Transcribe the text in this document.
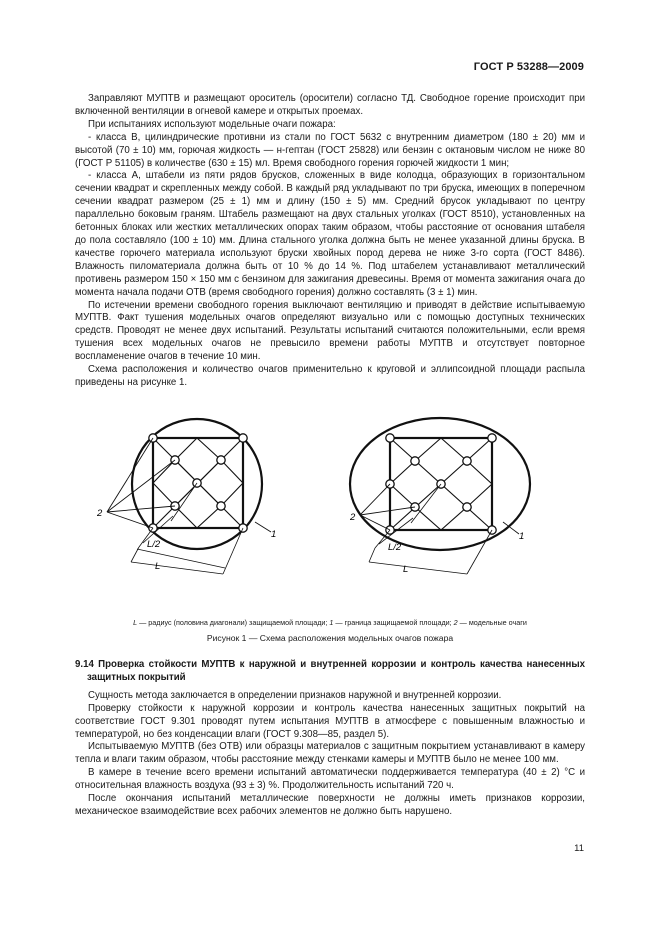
ГОСТ Р 53288—2009

Заправляют МУПТВ и размещают ороситель (оросители) согласно ТД. Свободное горение происходит при включенной вентиляции в огневой камере и открытых проемах.

При испытаниях используют модельные очаги пожара:

- класса В, цилиндрические противни из стали по ГОСТ 5632 с внутренним диаметром (180 ± 20) мм и высотой (70 ± 10) мм, горючая жидкость — н-гептан (ГОСТ 25828) или бензин с октановым числом не ниже 80 (ГОСТ Р 51105) в количестве (630 ± 15) мл. Время свободного горения горючей жидкости 1 мин;

- класса А, штабели из пяти рядов брусков, сложенных в виде колодца, образующих в горизонтальном сечении квадрат и скрепленных между собой. В каждый ряд укладывают по три бруска, имеющих в поперечном сечении квадрат размером (25 ± 1) мм и длину (150 ± 5) мм. Средний брусок укладывают по центру параллельно боковым граням. Штабель размещают на двух стальных уголках (ГОСТ 8510), установленных на бетонных блоках или жестких металлических опорах таким образом, чтобы расстояние от основания штабеля до пола составляло (100 ± 10) мм. Длина стального уголка должна быть не менее указанной длины бруска. В качестве горючего материала используют бруски хвойных пород дерева не ниже 3-го сорта (ГОСТ 8486). Влажность пиломатериала должна быть от 10 % до 14 %. Под штабелем устанавливают металлический противень размером 150 × 150 мм с бензином для зажигания древесины. Время от момента зажигания очага до момента начала подачи ОТВ (время свободного горения) должно составлять (3 ± 1) мин.

По истечении времени свободного горения выключают вентиляцию и приводят в действие испытываемую МУПТВ. Факт тушения модельных очагов определяют визуально или с помощью доступных технических средств. Проводят не менее двух испытаний. Результаты испытаний считаются положительными, если время тушения всех модельных очагов не превысило времени работы МУПТВ и отсутствует повторное воспламенение очагов в течение 10 мин.

Схема расположения и количество очагов применительно к круговой и эллипсоидной площади распыла приведены на рисунке 1.

2
1
L/2
L
2
1
L/2
L
L — радиус (половина диагонали) защищаемой площади; 1 — граница защищаемой площади; 2 — модельные очаги
Рисунок 1 — Схема расположения модельных очагов пожара
9.14 Проверка стойкости МУПТВ к наружной и внутренней коррозии и контроль качества нанесенных защитных покрытий

Сущность метода заключается в определении признаков наружной и внутренней коррозии.

Проверку стойкости к наружной коррозии и контроль качества нанесенных защитных покрытий на соответствие ГОСТ 9.301 проводят путем испытания МУПТВ в атмосфере с повышенным влажностью и температурой, но без конденсации влаги (ГОСТ 9.308—85, раздел 5).

Испытываемую МУПТВ (без ОТВ) или образцы материалов с защитным покрытием устанавливают в камеру тепла и влаги таким образом, чтобы расстояние между стенками камеры и МУПТВ было не менее 100 мм.

В камере в течение всего времени испытаний автоматически поддерживается температура (40 ± 2) °С и относительная влажность воздуха (93 ± 3) %. Продолжительность испытаний 720 ч.

После окончания испытаний металлические поверхности не должны иметь признаков коррозии, механическое взаимодействие всех рабочих элементов не должно быть нарушено.

11
